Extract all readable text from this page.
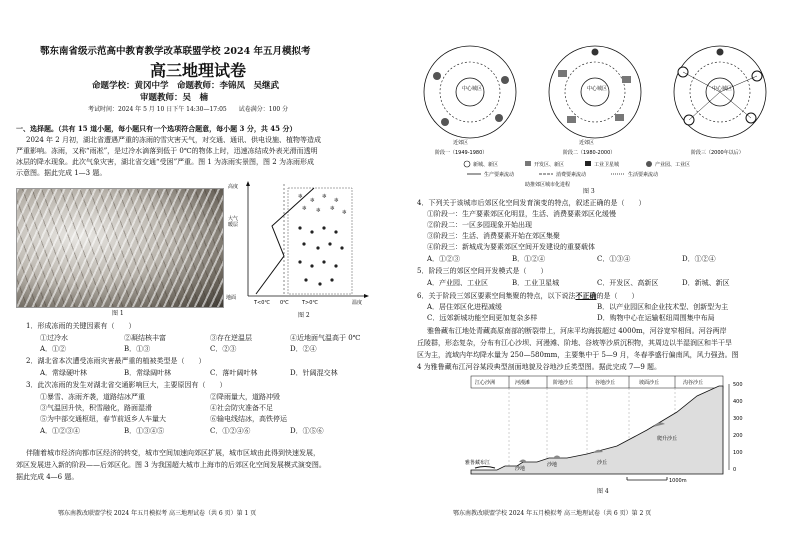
鄂东南省级示范高中教育教学改革联盟学校 2024 年五月模拟考
高三地理试卷
命题学校：黄冈中学　命题教师：李锦凤　吴继武
审题教师：吴　楠
考试时间：2024 年 5 月 10 日下午 14:30—17:05　　试卷满分：100 分
一、选择题。（共有 15 道小题，每小题只有一个选项符合题意，每小题 3 分，共 45 分）
2024 年 2 月初，湖北省遭遇严重的冻雨的雪灾害天气，对交通、通讯、供电设施、植物等造成
严重影响。冻雨，又称“雨凇”，是过冷水滴落到低于 0℃的物体上时，迅速冻结成外表光滑而透明
冰层的降水现象。此次气象灾害，湖北省交通“受困”严重。图 1 为冻雨实景图，图 2 为冻雨形成
示意图。据此完成 1—3 题。
图 1
❄
❄
❄
❄
❄ ❄ ❄
❄
高度
大气
暖层
地面
温度
T<0℃ 0℃	T>0℃
图 2
1．形成冻雨的关键因素有（　　）
①过冷水	②凝结核丰富	③存在逆温层	④近地面气温高于 0℃
A．①②	B．①③	C．②③	D．②④
2．湖北省本次遭受冻雨灾害最严重的植被类型是（　　）
A．常绿硬叶林	B．常绿阔叶林	C．落叶阔叶林	D．针阔混交林
3．此次冻雨的发生对湖北省交通影响巨大，主要原因有（　　）
①暴雪、冻雨齐袭，道路结冰严重	②降雨量大，道路冲毁
③气温回升快，积雪融化，路面湿滑	④社会防灾准备不足
⑤为中部交通枢纽，春节前返乡人车量大	⑥输电线结冰，高铁停运
A．①②③④	B．①③④⑤	C．①②④⑥	D．①⑤⑥
伴随着城市经济向都市区经济的转变，城市空间加速向郊区扩展，城市区域由此得到快速发展，
郊区发展进入新的阶段——后郊区化。图 3 为我国超大城市上海市的后郊区化空间发展模式演变图。
据此完成 4—6 题。
鄂东南教改联盟学校 2024 年五月模拟考 高三地理试卷（共 6 页）第 1 页
中心城区
近郊区
中心城区
近郊区
中心城区
阶段一（1949-1980）	阶段二（1980-2000）	阶段三（2000年以后）
新城、新区	开发区、新区	工业卫星城	产业园、工业区
生产要素流动	消费要素流动	生活要素流动
助推郊区城市化进程
图 3
4．下列关于该城市后郊区化空间发育演变的特点，叙述正确的是（　　）
①阶段一：生产要素郊区化明显，生活、消费要素郊区化缓慢
②阶段二：一区多园现象开始出现
③阶段三：生活、消费要素开始在郊区集聚
④阶段三：新城成为要素郊区空间开发建设的重要载体
A．①②③	B．①②④	C．①③④	D．①②④
5．阶段三的郊区空间开发模式是（　　）
A．产业园、工业区	B．工业卫星城	C．开发区、高新区	D．新城、新区
6．关于阶段三郊区要素空间集聚的特点，以下说法不正确的是（　　）
A．居住郊区化进程减缓	B．以产业园区和企业技术型、创新型为主
C．远郊新城功能空间更加复杂多样	D．购物中心在运输枢纽周围集中布局
雅鲁藏布江地处青藏高原南部的断裂带上，河床平均海拔超过 4000m，河谷宽窄相间。河谷两岸
丘陵群，形态复杂，分布有江心沙坝、河漫滩、阶地、谷坡等沙质沉积物，其周边以半湿润区和半干旱
区为主，流域内年均降水量为 250—580mm，主要集中于 5—9 月，冬春季盛行偏南风，风力强劲。图
4 为雅鲁藏布江河谷某段典型剖面地貌及谷地沙丘类型图。据此完成 7—9 题。
江心沙洲	河漫滩	阶地沙丘	谷地沙丘	坡面沙丘	沟谷沙丘	500
400
300
200
100
0
雅鲁藏布江
爬升沙丘
沙地	沙丘
沙地
1000m
图 4
鄂东南教改联盟学校 2024 年五月模拟考 高三地理试卷（共 6 页）第 2 页
